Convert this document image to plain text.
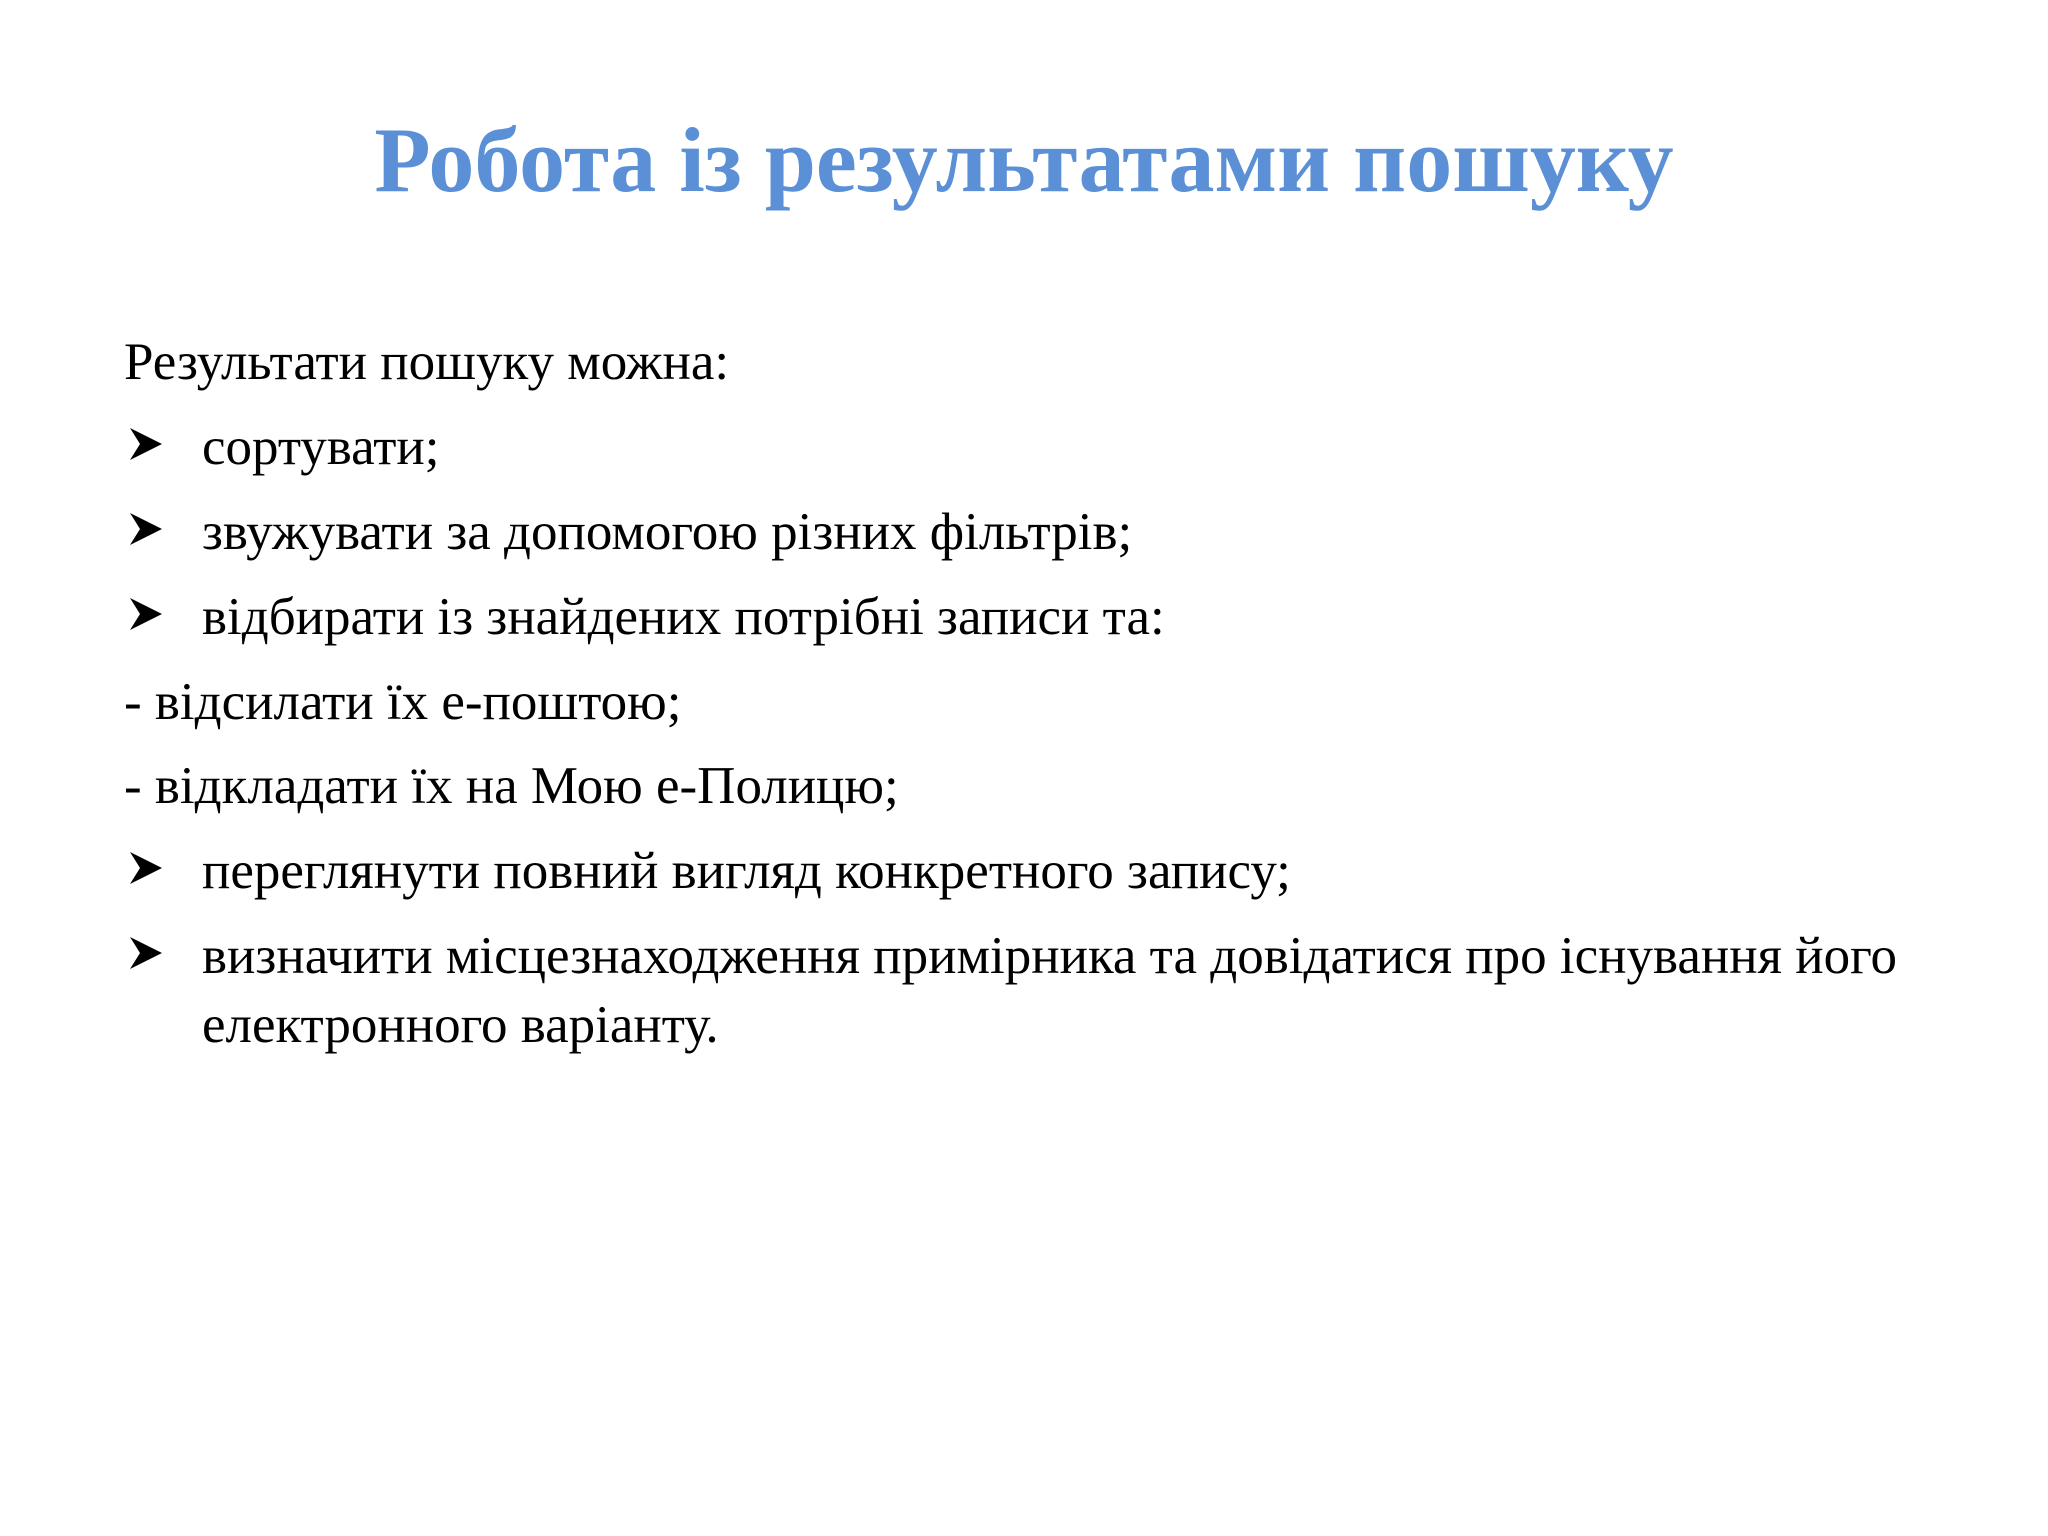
Робота із результатами пошуку
Результати пошуку можна:
сортувати;
звужувати за допомогою різних фільтрів;
відбирати із знайдених потрібні записи та:
- відсилати їх е-поштою;
- відкладати їх на Мою е-Полицю;
переглянути повний вигляд конкретного запису;
визначити місцезнаходження примірника та довідатися про існування його електронного варіанту.
